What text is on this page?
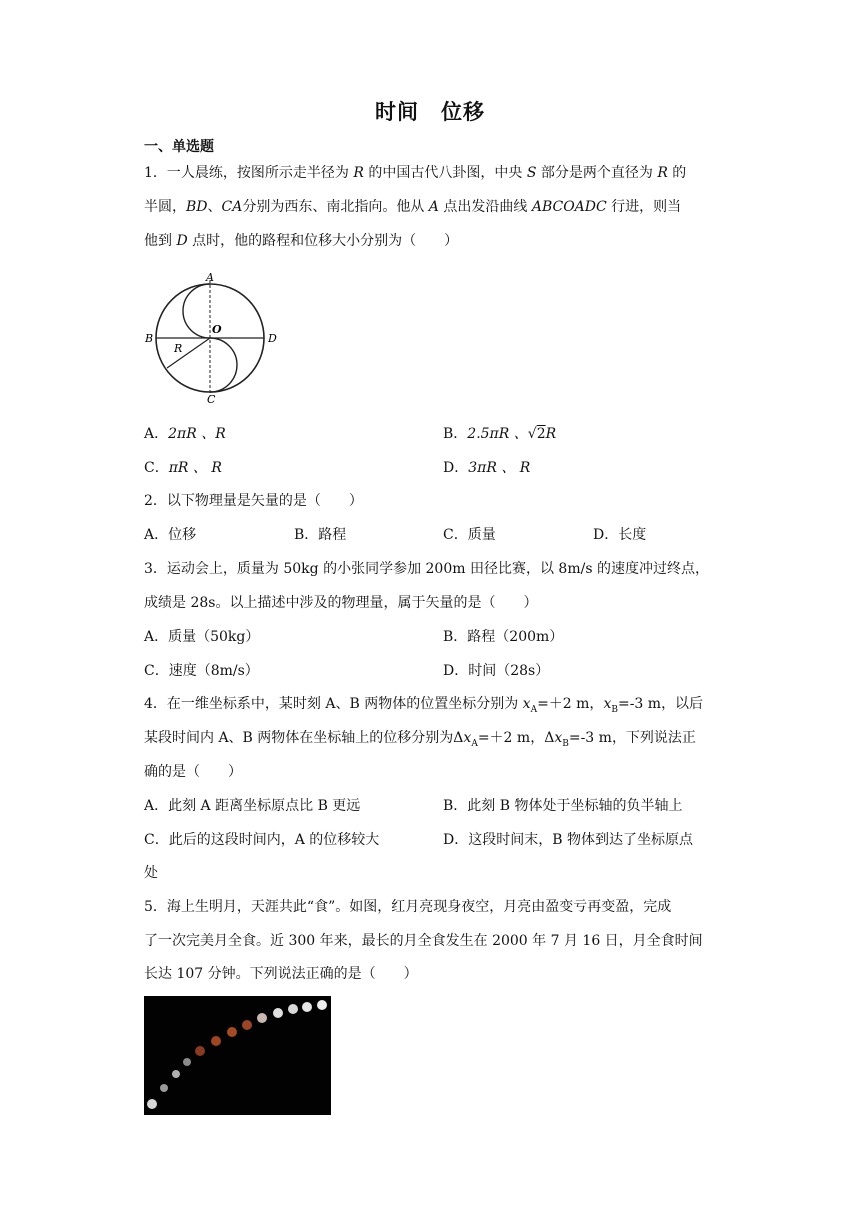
时间　位移
一、单选题
1．一人晨练，按图所示走半径为 R 的中国古代八卦图，中央 S 部分是两个直径为 R 的
半圆，BD、CA分别为西东、南北指向。他从 A 点出发沿曲线 ABCOADC 行进，则当
他到 D 点时，他的路程和位移大小分别为（　　）
A
B	D
C
O
R
A．2πR 、R	B．2.5πR 、√2R
C．πR 、 R	D．3πR 、 R
2．以下物理量是矢量的是（　　）
A．位移	B．路程	C．质量	D．长度
3．运动会上，质量为 50kg 的小张同学参加 200m 田径比赛，以 8m/s 的速度冲过终点，
成绩是 28s。以上描述中涉及的物理量，属于矢量的是（　　）
A．质量（50kg）	B．路程（200m）
C．速度（8m/s）	D．时间（28s）
4．在一维坐标系中，某时刻 A、B 两物体的位置坐标分别为 $x_A=+2$ m，$x_B=-3$ m，以后
某段时间内 A、B 两物体在坐标轴上的位移分别为$\Delta x_A=+2$ m，$\Delta x_B=-3$ m，下列说法正
确的是（　　）
A．此刻 A 距离坐标原点比 B 更远	B．此刻 B 物体处于坐标轴的负半轴上
C．此后的这段时间内，A 的位移较大	D．这段时间末，B 物体到达了坐标原点
处
5．海上生明月，天涯共此“食”。如图，红月亮现身夜空，月亮由盈变亏再变盈，完成
了一次完美月全食。近 300 年来，最长的月全食发生在 2000 年 7 月 16 日，月全食时间
长达 107 分钟。下列说法正确的是（　　）
